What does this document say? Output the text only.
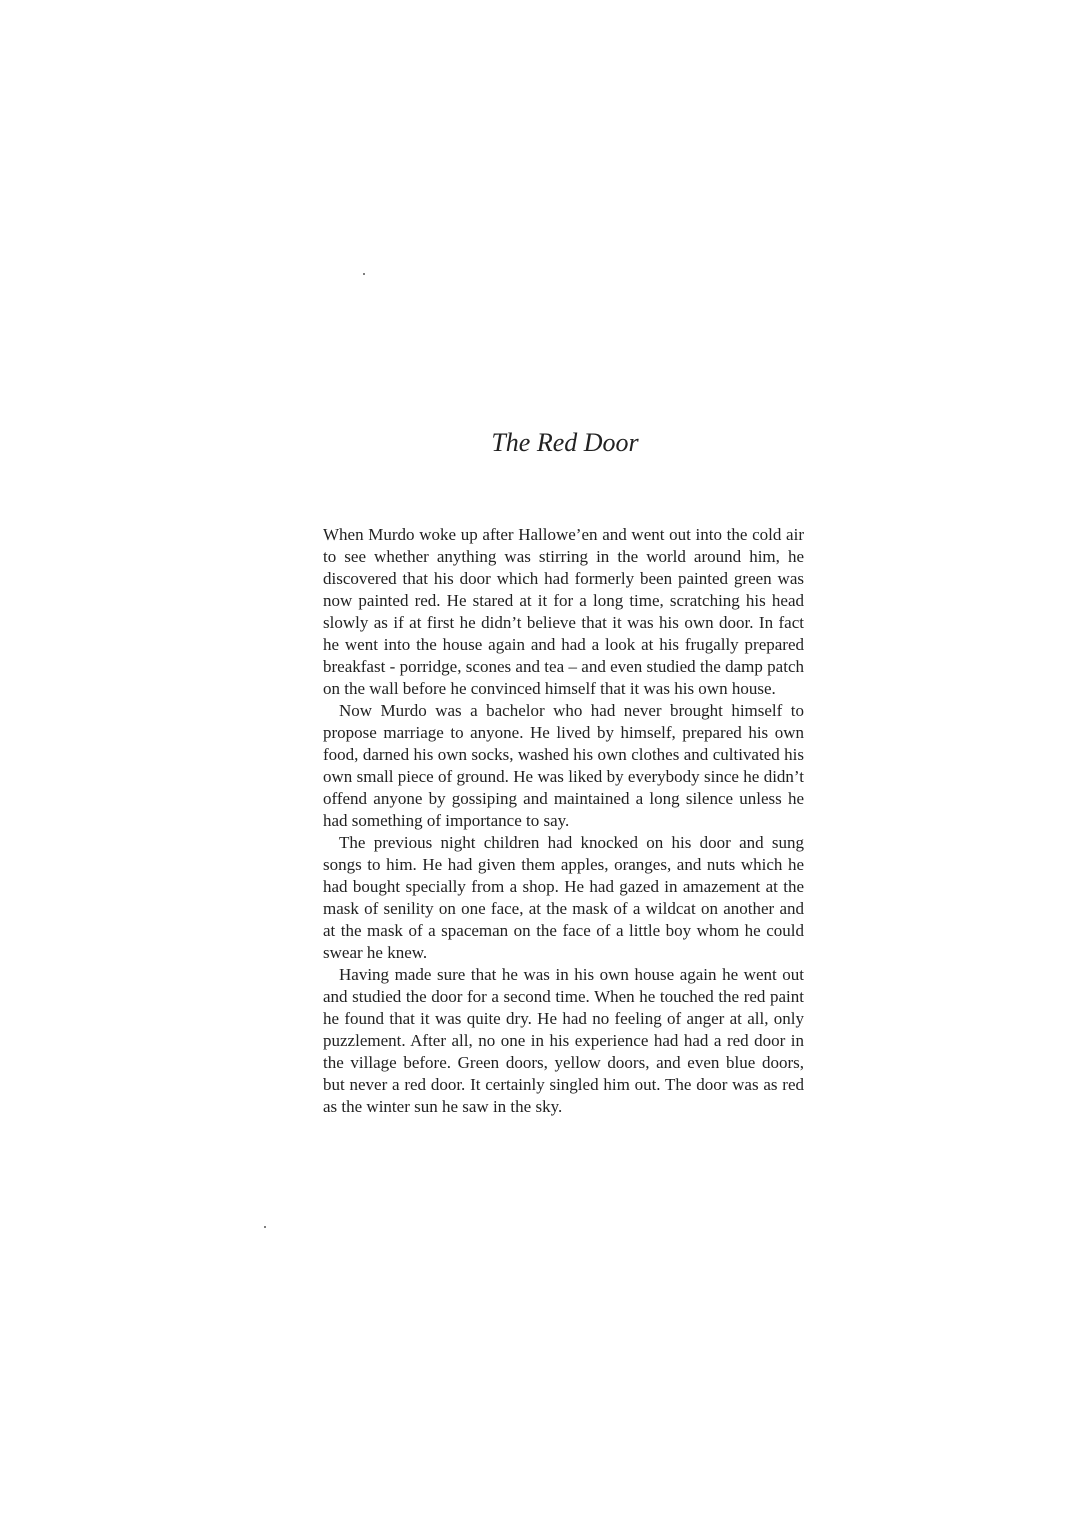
The Red Door

When Murdo woke up after Hallowe’en and went out into the cold air to see whether anything was stirring in the world around him, he discovered that his door which had formerly been painted green was now painted red. He stared at it for a long time, scratching his head slowly as if at first he didn’t believe that it was his own door. In fact he went into the house again and had a look at his frugally prepared breakfast - porridge, scones and tea – and even studied the damp patch on the wall before he convinced himself that it was his own house.

Now Murdo was a bachelor who had never brought himself to propose marriage to anyone. He lived by himself, prepared his own food, darned his own socks, washed his own clothes and cultivated his own small piece of ground. He was liked by everybody since he didn’t offend anyone by gossiping and maintained a long silence unless he had something of importance to say.

The previous night children had knocked on his door and sung songs to him. He had given them apples, oranges, and nuts which he had bought specially from a shop. He had gazed in amazement at the mask of senility on one face, at the mask of a wildcat on another and at the mask of a spaceman on the face of a little boy whom he could swear he knew.

Having made sure that he was in his own house again he went out and studied the door for a second time. When he touched the red paint he found that it was quite dry. He had no feeling of anger at all, only puzzlement. After all, no one in his experience had had a red door in the village before. Green doors, yellow doors, and even blue doors, but never a red door. It certainly singled him out. The door was as red as the winter sun he saw in the sky.
